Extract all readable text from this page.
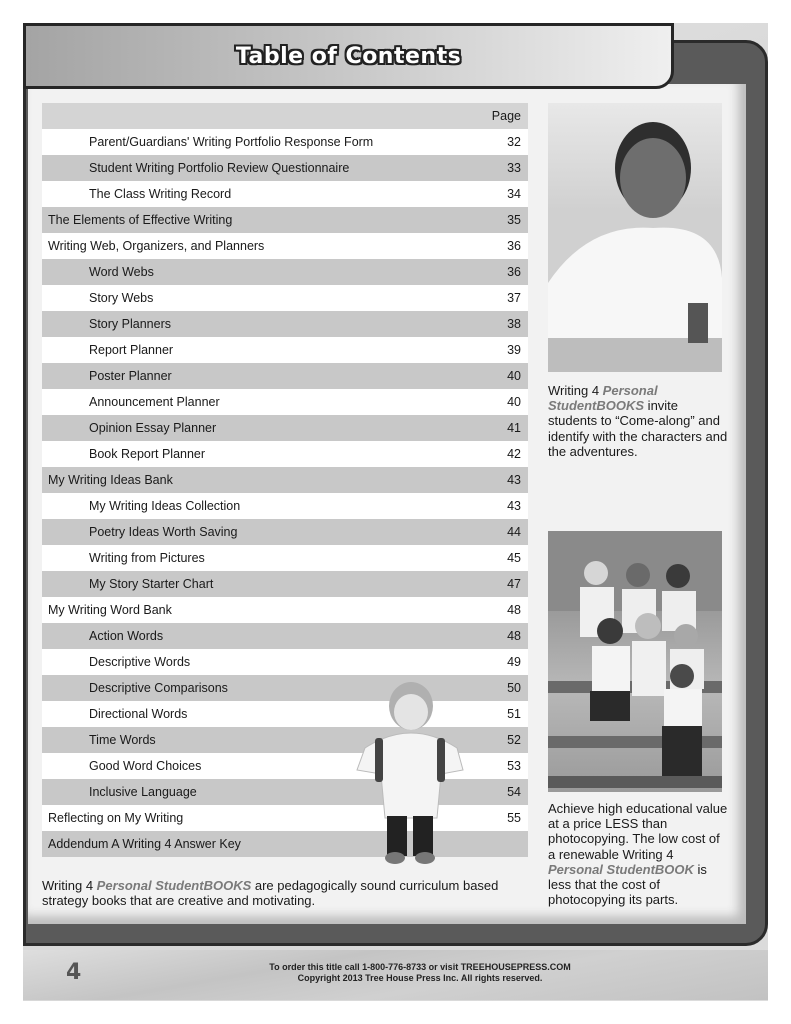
Table of Contents
Page
Parent/Guardians' Writing Portfolio Response Form	32
Student Writing Portfolio Review Questionnaire	33
The Class Writing Record	34
The Elements of Effective Writing	35
Writing Web, Organizers, and Planners	36
Word Webs	36
Story Webs	37
Story Planners	38
Report Planner	39
Poster Planner	40
Announcement Planner	40
Opinion Essay Planner	41
Book Report Planner	42
My Writing Ideas Bank	43
My Writing Ideas Collection	43
Poetry Ideas Worth Saving	44
Writing from Pictures	45
My Story Starter Chart	47
My Writing Word Bank	48
Action Words	48
Descriptive Words	49
Descriptive Comparisons	50
Directional Words	51
Time Words	52
Good Word Choices	53
Inclusive Language	54
Reflecting on My Writing	55
Addendum A Writing 4 Answer Key
Writing 4 Personal StudentBOOKS are pedagogically sound curriculum based strategy books that are creative and motivating.
Writing 4 Personal StudentBOOKS invite students to “Come-along” and identify with the characters and the adventures.
Achieve high educational value at a price LESS than photocopying. The low cost of a renewable Writing 4 Personal StudentBOOK is less that the cost of photocopying its parts.
4	To order this title call 1-800-776-8733 or visit TREEHOUSEPRESS.COM
Copyright 2013 Tree House Press Inc. All rights reserved.
